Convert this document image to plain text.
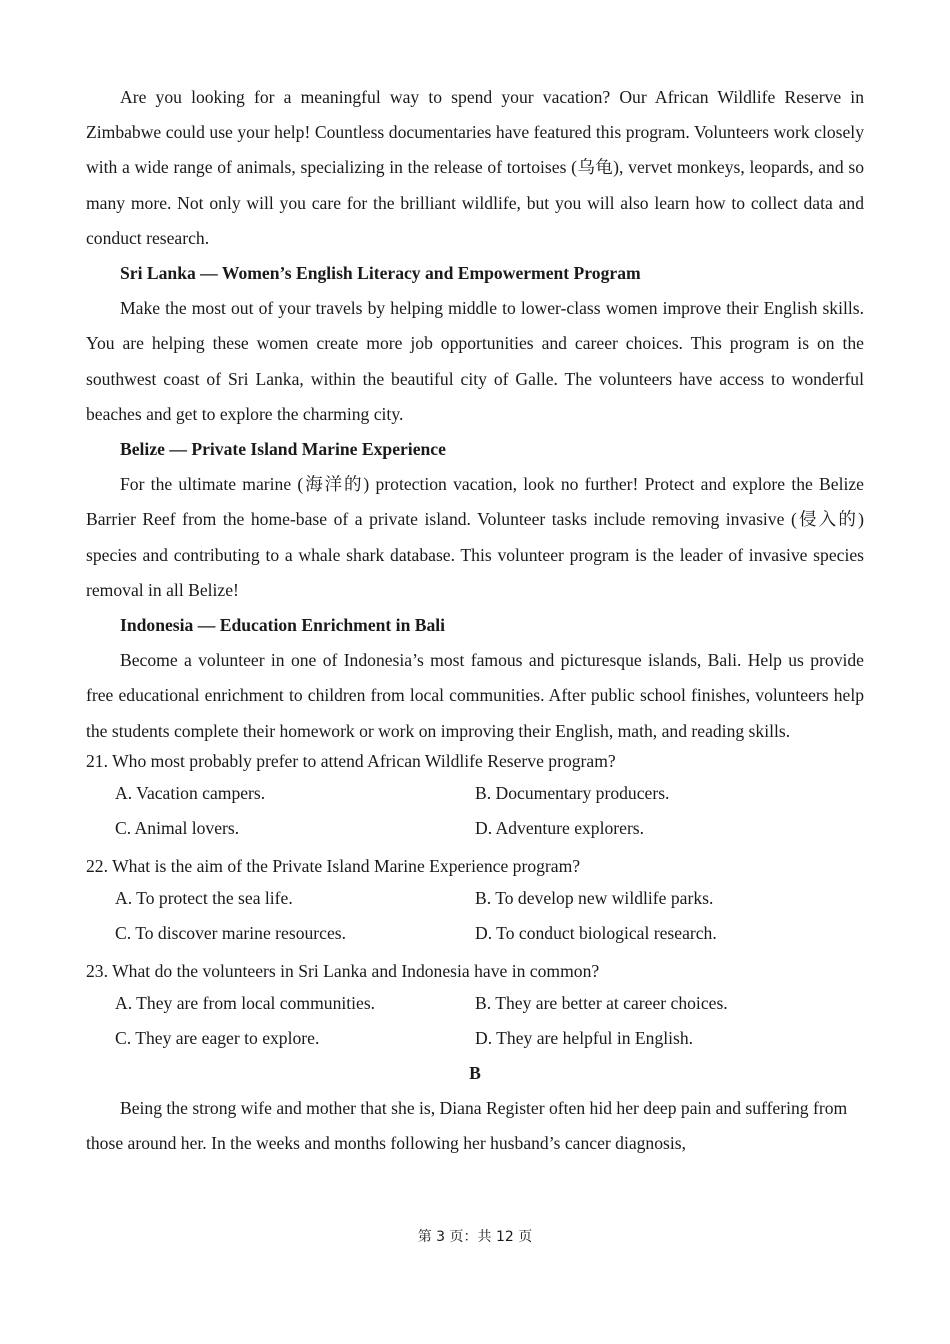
Are you looking for a meaningful way to spend your vacation? Our African Wildlife Reserve in Zimbabwe could use your help! Countless documentaries have featured this program. Volunteers work closely with a wide range of animals, specializing in the release of tortoises (乌龟), vervet monkeys, leopards, and so many more. Not only will you care for the brilliant wildlife, but you will also learn how to collect data and conduct research.

Sri Lanka — Women’s English Literacy and Empowerment Program

Make the most out of your travels by helping middle to lower-class women improve their English skills. You are helping these women create more job opportunities and career choices. This program is on the southwest coast of Sri Lanka, within the beautiful city of Galle. The volunteers have access to wonderful beaches and get to explore the charming city.

Belize — Private Island Marine Experience

For the ultimate marine (海洋的) protection vacation, look no further! Protect and explore the Belize Barrier Reef from the home-base of a private island. Volunteer tasks include removing invasive (侵入的) species and contributing to a whale shark database. This volunteer program is the leader of invasive species removal in all Belize!

Indonesia — Education Enrichment in Bali

Become a volunteer in one of Indonesia’s most famous and picturesque islands, Bali. Help us provide free educational enrichment to children from local communities. After public school finishes, volunteers help the students complete their homework or work on improving their English, math, and reading skills.

21. Who most probably prefer to attend African Wildlife Reserve program?

A. Vacation campers.	B. Documentary producers.

C. Animal lovers.	D. Adventure explorers.

22. What is the aim of the Private Island Marine Experience program?

A. To protect the sea life.	B. To develop new wildlife parks.

C. To discover marine resources.	D. To conduct biological research.

23. What do the volunteers in Sri Lanka and Indonesia have in common?

A. They are from local communities.	B. They are better at career choices.

C. They are eager to explore.	D. They are helpful in English.

B

Being the strong wife and mother that she is, Diana Register often hid her deep pain and suffering from those around her. In the weeks and months following her husband’s cancer diagnosis,

第 3 页：共 12 页
